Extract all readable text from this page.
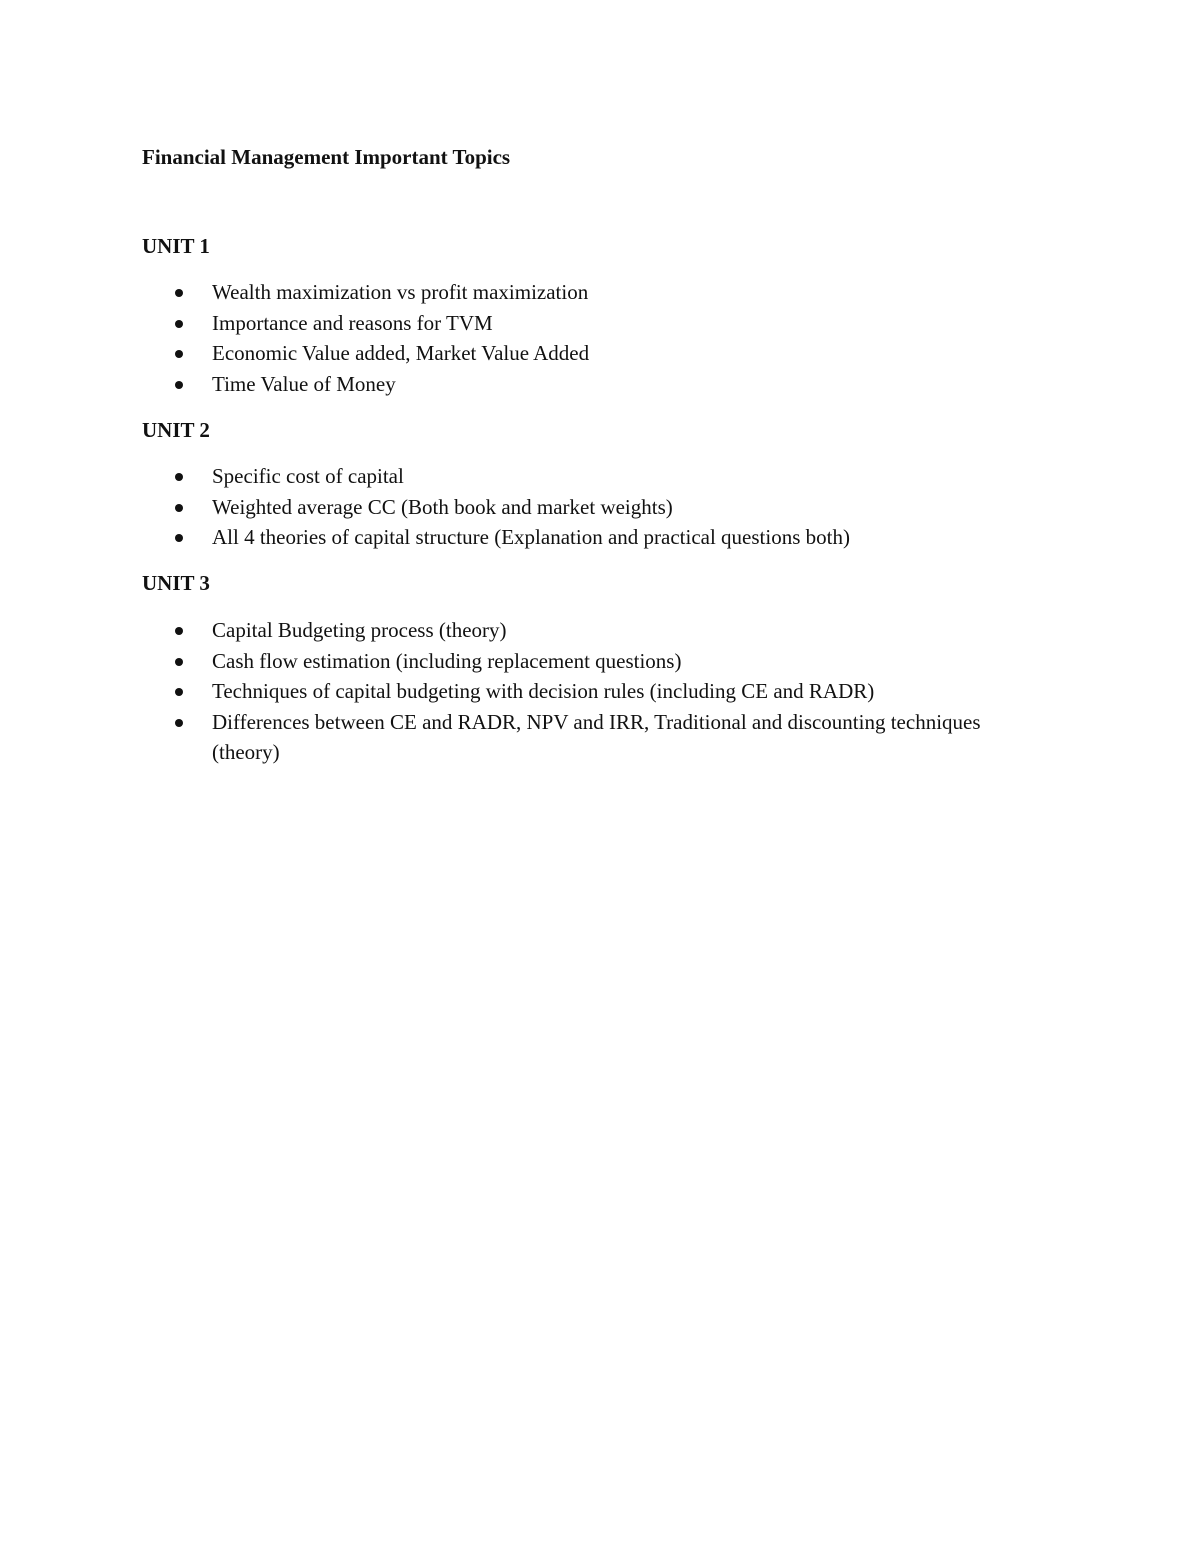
Financial Management Important Topics
UNIT 1
Wealth maximization vs profit maximization
Importance and reasons for TVM
Economic Value added, Market Value Added
Time Value of Money
UNIT 2
Specific cost of capital
Weighted average CC (Both book and market weights)
All 4 theories of capital structure (Explanation and practical questions both)
UNIT 3
Capital Budgeting process (theory)
Cash flow estimation (including replacement questions)
Techniques of capital budgeting with decision rules (including CE and RADR)
Differences between CE and RADR, NPV and IRR, Traditional and discounting techniques (theory)
